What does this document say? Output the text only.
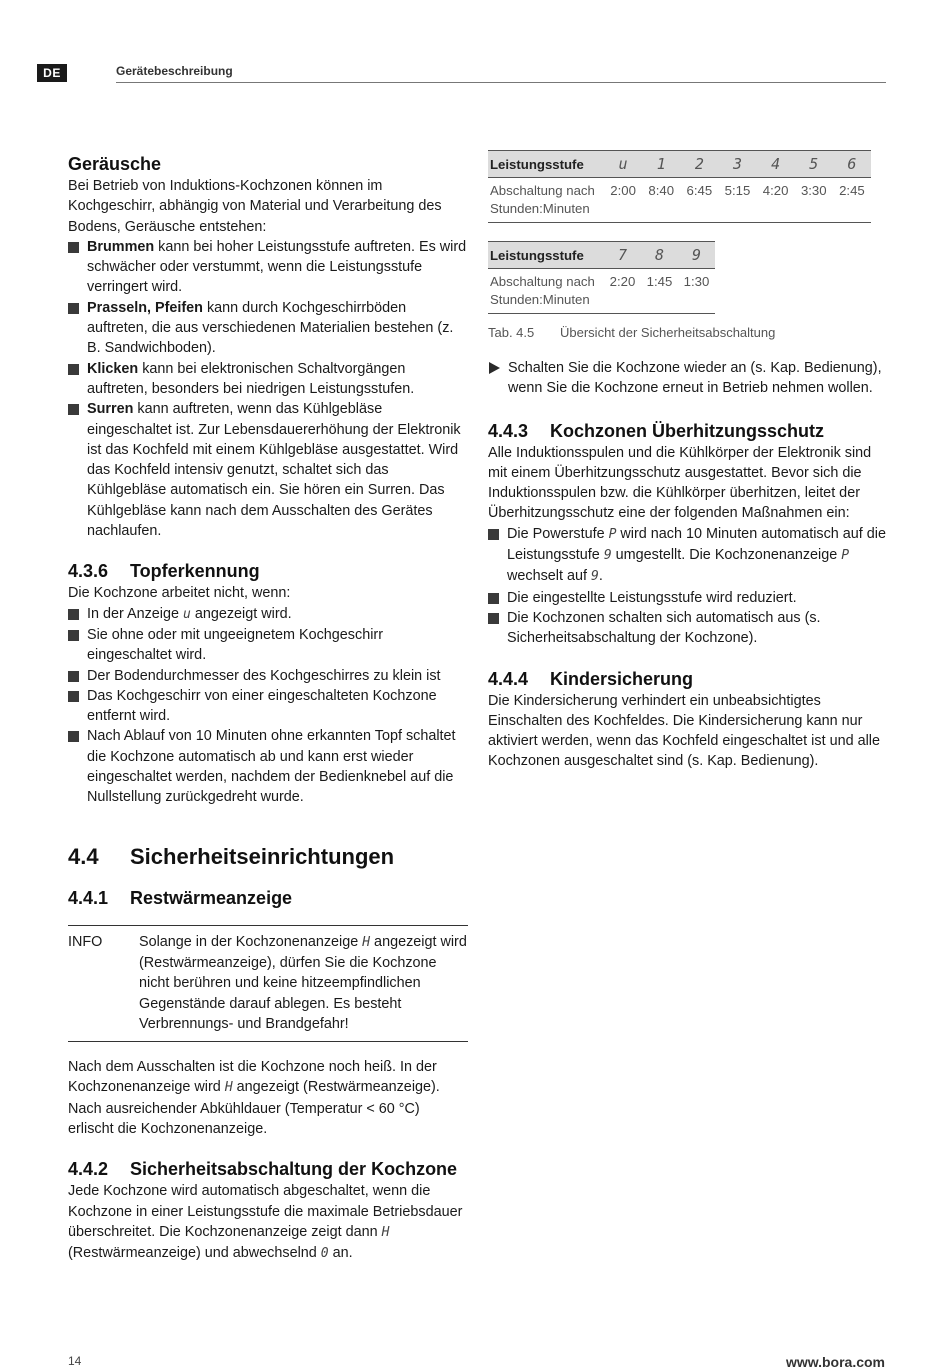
DE	Gerätebeschreibung
Geräusche

Bei Betrieb von Induktions-Kochzonen können im Kochgeschirr, abhängig von Material und Verarbeitung des Bodens, Geräusche entstehen:

Brummen kann bei hoher Leistungsstufe auftreten. Es wird schwächer oder verstummt, wenn die Leistungsstufe verringert wird.
Prasseln, Pfeifen kann durch Kochgeschirrböden auftreten, die aus verschiedenen Materialien bestehen (z. B. Sandwichboden).
Klicken kann bei elektronischen Schaltvorgängen auftreten, besonders bei niedrigen Leistungsstufen.
Surren kann auftreten, wenn das Kühlgebläse eingeschaltet ist. Zur Lebensdauererhöhung der Elektronik ist das Kochfeld mit einem Kühlgebläse ausgestattet. Wird das Kochfeld intensiv genutzt, schaltet sich das Kühlgebläse automatisch ein. Sie hören ein Surren. Das Kühlgebläse kann nach dem Ausschalten des Gerätes nachlaufen.
4.3.6 Topferkennung

Die Kochzone arbeitet nicht, wenn:

In der Anzeige u angezeigt wird.
Sie ohne oder mit ungeeignetem Kochgeschirr eingeschaltet wird.
Der Bodendurchmesser des Kochgeschirres zu klein ist
Das Kochgeschirr von einer eingeschalteten Kochzone entfernt wird.
Nach Ablauf von 10 Minuten ohne erkannten Topf schaltet die Kochzone automatisch ab und kann erst wieder eingeschaltet werden, nachdem der Bedienknebel auf die Nullstellung zurückgedreht wurde.
4.4 Sicherheitseinrichtungen
4.4.1 Restwärmeanzeige
INFO	Solange in der Kochzonenanzeige H angezeigt wird (Restwärmeanzeige), dürfen Sie die Kochzone nicht berühren und keine hitzeempfindlichen Gegenstände darauf ablegen. Es besteht Verbrennungs- und Brandgefahr!

Nach dem Ausschalten ist die Kochzone noch heiß. In der Kochzonenanzeige wird H angezeigt (Restwärmeanzeige). Nach ausreichender Abkühldauer (Temperatur < 60 °C) erlischt die Kochzonenanzeige.

4.4.2 Sicherheitsabschaltung der Kochzone

Jede Kochzone wird automatisch abgeschaltet, wenn die Kochzone in einer Leistungsstufe die maximale Betriebsdauer überschreitet. Die Kochzonenanzeige zeigt dann H (Restwärmeanzeige) und abwechselnd 0 an.

Leistungsstufe	u	1	2	3	4	5	6
Abschaltung nach
Stunden:Minuten	2:00	8:40	6:45	5:15	4:20	3:30	2:45
Leistungsstufe	7	8	9
Abschaltung nach
Stunden:Minuten	2:20	1:45	1:30

Tab. 4.5 Übersicht der Sicherheitsabschaltung

Schalten Sie die Kochzone wieder an (s. Kap. Bedienung), wenn Sie die Kochzone erneut in Betrieb nehmen wollen.
4.4.3 Kochzonen Überhitzungsschutz

Alle Induktionsspulen und die Kühlkörper der Elektronik sind mit einem Überhitzungsschutz ausgestattet. Bevor sich die Induktionsspulen bzw. die Kühlkörper überhitzen, leitet der Überhitzungsschutz eine der folgenden Maßnahmen ein:

Die Powerstufe P wird nach 10 Minuten automatisch auf die Leistungsstufe 9 umgestellt. Die Kochzonenanzeige P wechselt auf 9.
Die eingestellte Leistungsstufe wird reduziert.
Die Kochzonen schalten sich automatisch aus (s. Sicherheitsabschaltung der Kochzone).
4.4.4 Kindersicherung

Die Kindersicherung verhindert ein unbeabsichtigtes Einschalten des Kochfeldes. Die Kindersicherung kann nur aktiviert werden, wenn das Kochfeld eingeschaltet ist und alle Kochzonen ausgeschaltet sind (s. Kap. Bedienung).

14	www.bora.com
